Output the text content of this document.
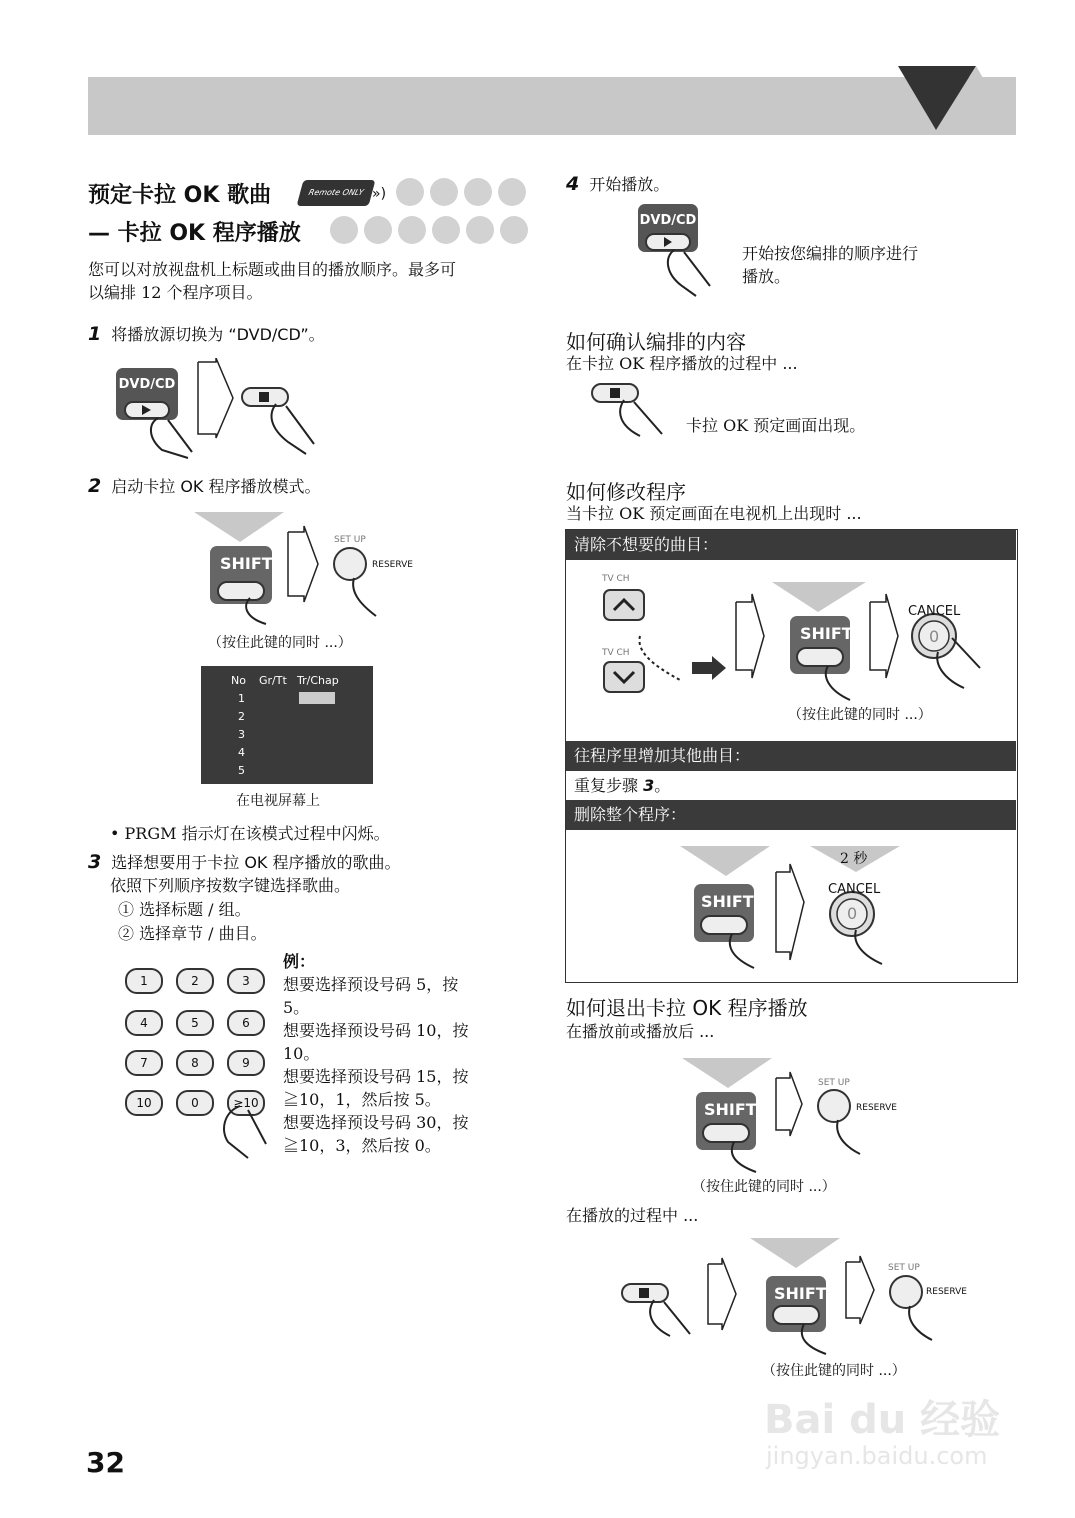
预定卡拉 OK 歌曲	Remote ONLY »)
— 卡拉 OK 程序播放
您可以对放视盘机上标题或曲目的播放顺序。最多可
以编排 12 个程序项目。
1 将播放源切换为 “DVD/CD”。
DVD/CD
2 启动卡拉 OK 程序播放模式。
SHIFT
SET UP
RESERVE
（按住此键的同时 ...）
No Gr/Tt Tr/Chap
1
2
3
4
5
在电视屏幕上
• PRGM 指示灯在该模式过程中闪烁。
3 选择想要用于卡拉 OK 程序播放的歌曲。
依照下列顺序按数字键选择歌曲。
① 选择标题 / 组。
② 选择章节 / 曲目。
1	2	3
4	5	6
7	8	9
10	0	≥10
例：
想要选择预设号码 5，按
5。
想要选择预设号码 10，按
10。
想要选择预设号码 15，按
≧10，1，然后按 5。
想要选择预设号码 30，按
≧10，3，然后按 0。
4 开始播放。
DVD/CD
开始按您编排的顺序进行
播放。
如何确认编排的内容
在卡拉 OK 程序播放的过程中 ...
卡拉 OK 预定画面出现。
如何修改程序
当卡拉 OK 预定画面在电视机上出现时 ...
清除不想要的曲目：
TV CH
TV CH
SHIFT
CANCEL
0
（按住此键的同时 ...）
往程序里增加其他曲目：
重复步骤 3。
删除整个程序：
SHIFT
2 秒
CANCEL
0
如何退出卡拉 OK 程序播放
在播放前或播放后 ...
SHIFT
SET UP
RESERVE
（按住此键的同时 ...）
在播放的过程中 ...
SHIFT
SET UP
RESERVE
（按住此键的同时 ...）
32
Bai du 经验
jingyan.baidu.com
